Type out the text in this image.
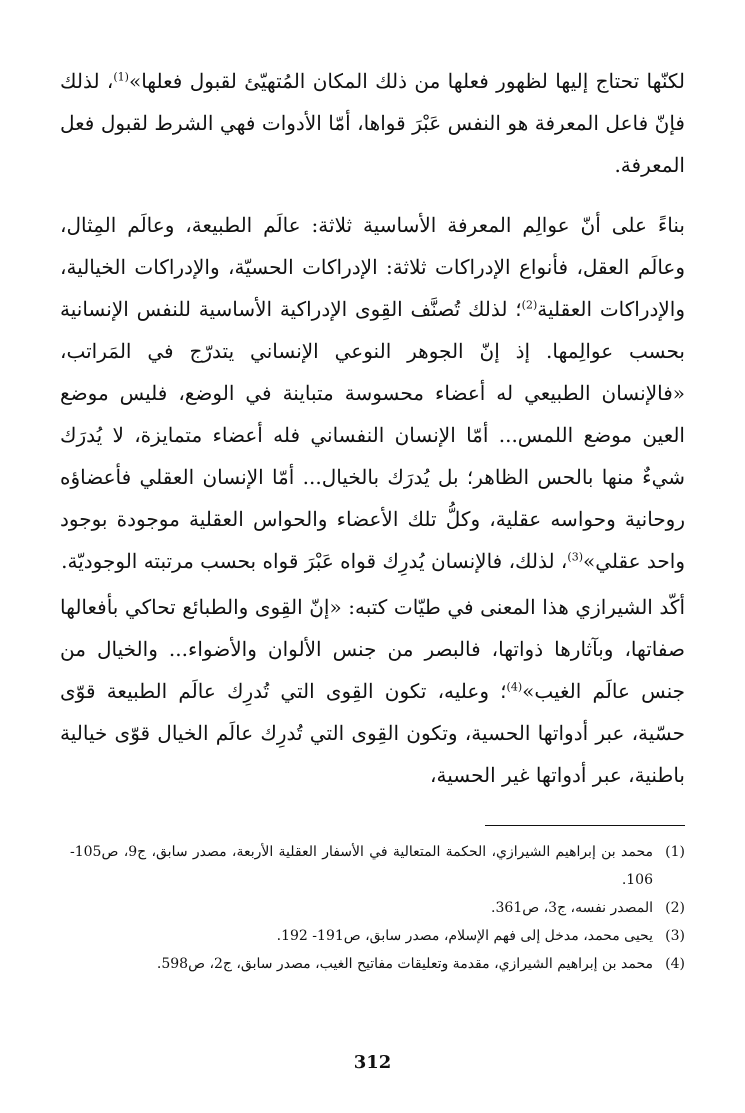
لكنّها تحتاج إليها لظهور فعلها من ذلك المكان المُتهيّئ لقبول فعلها»$^{(1)}$، لذلك فإنّ فاعل المعرفة هو النفس عَبْرَ قواها، أمّا الأدوات فهي الشرط لقبول فعل المعرفة.

بناءً على أنّ عوالِم المعرفة الأساسية ثلاثة: عالَم الطبيعة، وعالَم المِثال، وعالَم العقل، فأنواع الإدراكات ثلاثة: الإدراكات الحسيّة، والإدراكات الخيالية، والإدراكات العقلية$^{(2)}$؛ لذلك تُصنَّف القِوى الإدراكية الأساسية للنفس الإنسانية بحسب عوالِمها. إذ إنّ الجوهر النوعي الإنساني يتدرّج في المَراتب، «فالإنسان الطبيعي له أعضاء محسوسة متباينة في الوضع، فليس موضع العين موضع اللمس... أمّا الإنسان النفساني فله أعضاء متمايزة، لا يُدرَك شيءٌ منها بالحس الظاهر؛ بل يُدرَك بالخيال... أمّا الإنسان العقلي فأعضاؤه روحانية وحواسه عقلية، وكلُّ تلك الأعضاء والحواس العقلية موجودة بوجود واحد عقلي»$^{(3)}$، لذلك، فالإنسان يُدرِك قواه عَبْرَ قواه بحسب مرتبته الوجوديّة.

أكّد الشيرازي هذا المعنى في طيّات كتبه: «إنّ القِوى والطبائع تحاكي بأفعالها صفاتها، وبآثارها ذواتها، فالبصر من جنس الألوان والأضواء... والخيال من جنس عالَم الغيب»$^{(4)}$؛ وعليه، تكون القِوى التي تُدرِك عالَم الطبيعة قوّى حسّية، عبر أدواتها الحسية، وتكون القِوى التي تُدرِك عالَم الخيال قوّى خيالية باطنية، عبر أدواتها غير الحسية،

(1)
محمد بن إبراهيم الشيرازي، الحكمة المتعالية في الأسفار العقلية الأربعة، مصدر سابق، ج9، ص105- 106.
(2)
المصدر نفسه، ج3، ص361.
(3)
يحيى محمد، مدخل إلى فهم الإسلام، مصدر سابق، ص191- 192.
(4)
محمد بن إبراهيم الشيرازي، مقدمة وتعليقات مفاتيح الغيب، مصدر سابق، ج2، ص598.
312
